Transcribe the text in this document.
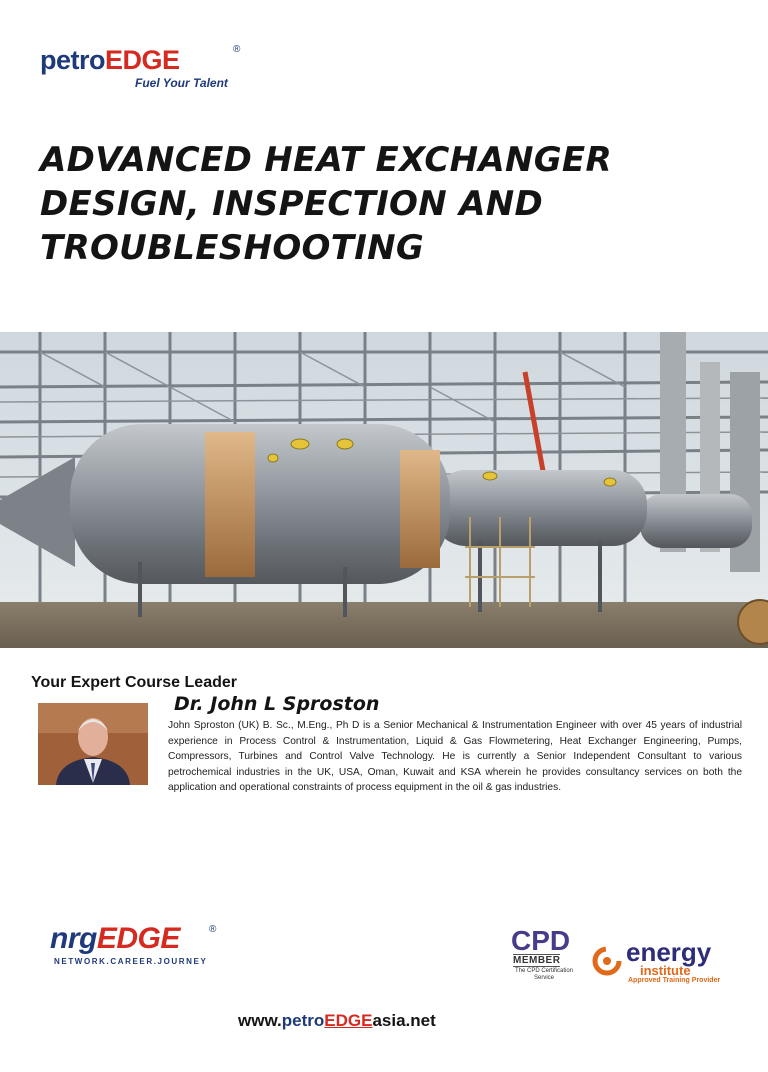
petroEDGE	®
Fuel Your Talent
ADVANCED HEAT EXCHANGER
DESIGN, INSPECTION AND
TROUBLESHOOTING
Your Expert Course Leader
Dr. John L Sproston
John Sproston (UK) B. Sc., M.Eng., Ph D is a Senior Mechanical & Instrumentation Engineer with over 45 years of industrial experience in Process Control & Instrumentation, Liquid & Gas Flowmetering, Heat Exchanger Engineering, Pumps, Compressors, Turbines and Control Valve Technology. He is currently a Senior Independent Consultant to various petrochemical industries in the UK, USA, Oman, Kuwait and KSA wherein he provides consultancy services on both the application and operational constraints of process equipment in the oil & gas industries.
nrgEDGE	®
NETWORK.CAREER.JOURNEY
CPD
MEMBER
The CPD Certification Service
energy
institute
Approved Training Provider
www.petroEDGEasia.net
